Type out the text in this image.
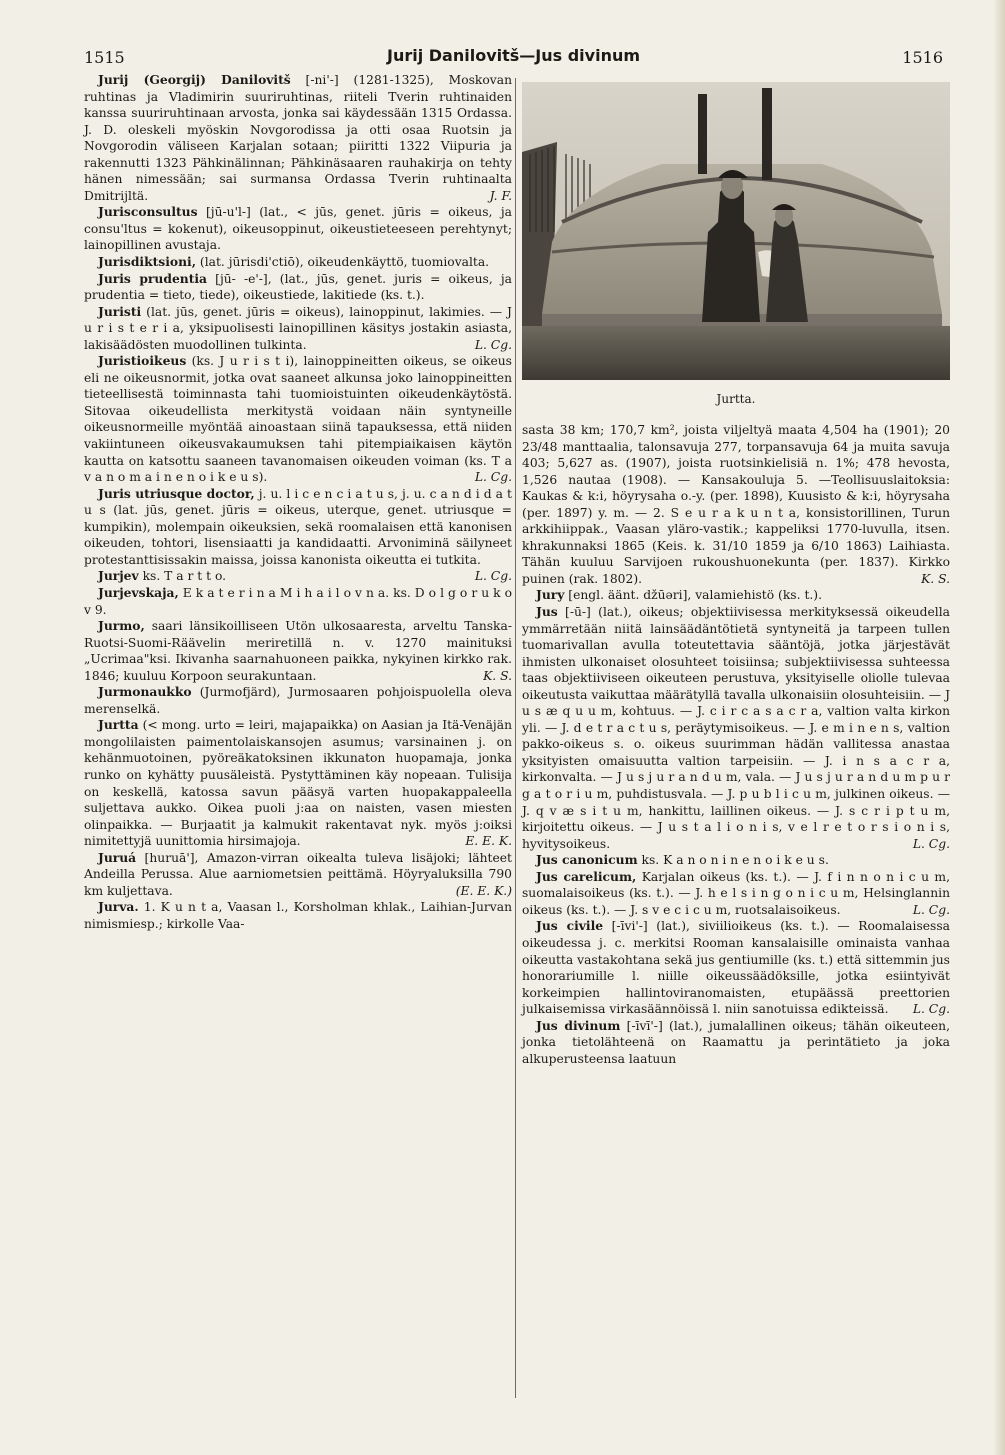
1515	Jurij Danilovitš—Jus divinum	1516

Jurij (Georgij) Danilovitš [-ni'-] (1281-1325), Moskovan ruhtinas ja Vladimirin suuriruhtinas, riiteli Tverin ruhtinaiden kanssa suuriruhtinaan arvosta, jonka sai käydessään 1315 Ordassa. J. D. oleskeli myöskin Novgorodissa ja otti osaa Ruotsin ja Novgorodin väliseen Karjalan sotaan; piiritti 1322 Viipuria ja rakennutti 1323 Pähkinälinnan; Pähkinäsaaren rauhakirja on tehty hänen nimessään; sai surmansa Ordassa Tverin ruhtinaalta Dmitrijltä.	J. F.

Jurisconsultus [jū-u'l-] (lat., < jūs, genet. jūris = oikeus, ja consu'ltus = kokenut), oikeusoppinut, oikeustieteeseen perehtynyt; lainopillinen avustaja.

Jurisdiktsioni, (lat. jūrisdi'ctiō), oikeudenkäyttö, tuomiovalta.

Juris prudentia [jū- -e'-], (lat., jūs, genet. juris = oikeus, ja prudentia = tieto, tiede), oikeustiede, lakitiede (ks. t.).

Juristi (lat. jūs, genet. jūris = oikeus), lainoppinut, lakimies. — J u r i s t e r i a, yksipuolisesti lainopillinen käsitys jostakin asiasta, lakisäädösten muodollinen tulkinta.	L. Cg.

Juristioikeus (ks. J u r i s t i), lainoppineitten oikeus, se oikeus eli ne oikeusnormit, jotka ovat saaneet alkunsa joko lainoppineitten tieteellisestä toiminnasta tahi tuomioistuinten oikeudenkäytöstä. Sitovaa oikeudellista merkitystä voidaan näin syntyneille oikeusnormeille myöntää ainoastaan siinä tapauksessa, että niiden vakiintuneen oikeusvakaumuksen tahi pitempiaikaisen käytön kautta on katsottu saaneen tavanomaisen oikeuden voiman (ks. T a v a n o m a i n e n o i k e u s).	L. Cg.

Juris utriusque doctor, j. u. l i c e n c i a t u s, j. u. c a n d i d a t u s (lat. jūs, genet. jūris = oikeus, uterque, genet. utriusque = kumpikin), molempain oikeuksien, sekä roomalaisen että kanonisen oikeuden, tohtori, lisensiaatti ja kandidaatti. Arvoniminä säilyneet protestanttisissakin maissa, joissa kanonista oikeutta ei tutkita.
L. Cg.

Jurjev ks. T a r t t o.

Jurjevskaja, E k a t e r i n a M i h a i l o v n a. ks. D o l g o r u k o v 9.

Jurmo, saari länsikoilliseen Utön ulkosaaresta, arveltu Tanska-Ruotsi-Suomi-Räävelin meriretillä n. v. 1270 mainituksi „Ucrimaa"ksi. Ikivanha saarnahuoneen paikka, nykyinen kirkko rak. 1846; kuuluu Korpoon seurakuntaan.	K. S.

Jurmonaukko (Jurmofjärd), Jurmosaaren pohjoispuolella oleva merenselkä.

Jurtta (< mong. urto = leiri, majapaikka) on Aasian ja Itä-Venäjän mongolilaisten paimentolaiskansojen asumus; varsinainen j. on kehänmuotoinen, pyöreäkatoksinen ikkunaton huopamaja, jonka runko on kyhätty puusäleistä. Pystyttäminen käy nopeaan. Tulisija on keskellä, katossa savun pääsyä varten huopakappaleella suljettava aukko. Oikea puoli j:aa on naisten, vasen miesten olinpaikka. — Burjaatit ja kalmukit rakentavat nyk. myös j:oiksi nimitettyjä uunittomia hirsimajoja.	E. E. K.

Juruá [huruā'], Amazon-virran oikealta tuleva lisäjoki; lähteet Andeilla Perussa. Alue aarniometsien peittämä. Höyryaluksilla 790 km kuljettava.	(E. E. K.)

Jurva. 1. K u n t a, Vaasan l., Korsholman khlak., Laihian-Jurvan nimismiesp.; kirkolle Vaa-

Jurtta.

sasta 38 km; 170,7 km², joista viljeltyä maata 4,504 ha (1901); 20 23/48 manttaalia, talonsavuja 277, torpansavuja 64 ja muita savuja 403; 5,627 as. (1907), joista ruotsinkielisiä n. 1%; 478 hevosta, 1,526 nautaa (1908). — Kansakouluja 5. —Teollisuuslaitoksia: Kaukas & k:i, höyrysaha o.-y. (per. 1898), Kuusisto & k:i, höyrysaha (per. 1897) y. m. — 2. S e u r a k u n t a, konsistorillinen, Turun arkkihiippak., Vaasan yläro-vastik.; kappeliksi 1770-luvulla, itsen. khrakunnaksi 1865 (Keis. k. 31/10 1859 ja 6/10 1863) Laihiasta. Tähän kuuluu Sarvijoen rukoushuonekunta (per. 1837). Kirkko puinen (rak. 1802).	K. S.

Jury [engl. äänt. džūəri], valamiehistö (ks. t.).

Jus [-ū-] (lat.), oikeus; objektiivisessa merkityksessä oikeudella ymmärretään niitä lainsäädäntötietä syntyneitä ja tarpeen tullen tuomarivallan avulla toteutettavia sääntöjä, jotka järjestävät ihmisten ulkonaiset olosuhteet toisiinsa; subjektiivisessa suhteessa taas objektiiviseen oikeuteen perustuva, yksityiselle oliolle tulevaa oikeutusta vaikuttaa määrätyllä tavalla ulkonaisiin olosuhteisiin. — J u s æ q u u m, kohtuus. — J. c i r c a s a c r a, valtion valta kirkon yli. — J. d e t r a c t u s, peräytymisoikeus. — J. e m i n e n s, valtion pakko-oikeus s. o. oikeus suurimman hädän vallitessa anastaa yksityisten omaisuutta valtion tarpeisiin. — J. i n s a c r a, kirkonvalta. — J u s j u r a n d u m, vala. — J u s j u r a n d u m p u r g a t o r i u m, puhdistusvala. — J. p u b l i c u m, julkinen oikeus. — J. q v æ s i t u m, hankittu, laillinen oikeus. — J. s c r i p t u m, kirjoitettu oikeus. — J u s t a l i o n i s, v e l r e t o r s i o n i s, hyvitysoikeus.	L. Cg.

Jus canonicum ks. K a n o n i n e n o i k e u s.

Jus carelicum, Karjalan oikeus (ks. t.). — J. f i n n o n i c u m, suomalaisoikeus (ks. t.). — J. h e l s i n g o n i c u m, Helsinglannin oikeus (ks. t.). — J. s v e c i c u m, ruotsalaisoikeus.	L. Cg.

Jus civile [-īvi'-] (lat.), siviilioikeus (ks. t.). — Roomalaisessa oikeudessa j. c. merkitsi Rooman kansalaisille ominaista vanhaa oikeutta vastakohtana sekä jus gentiumille (ks. t.) että sittemmin jus honorariumille l. niille oikeussäädöksille, jotka esiintyivät korkeimpien hallintoviranomaisten, etupäässä preettorien julkaisemissa virkasäännöissä l. niin sanotuissa edikteissä.	L. Cg.

Jus divinum [-īvī'-] (lat.), jumalallinen oikeus; tähän oikeuteen, jonka tietolähteenä on Raamattu ja perintätieto ja joka alkuperusteensa laatuun
